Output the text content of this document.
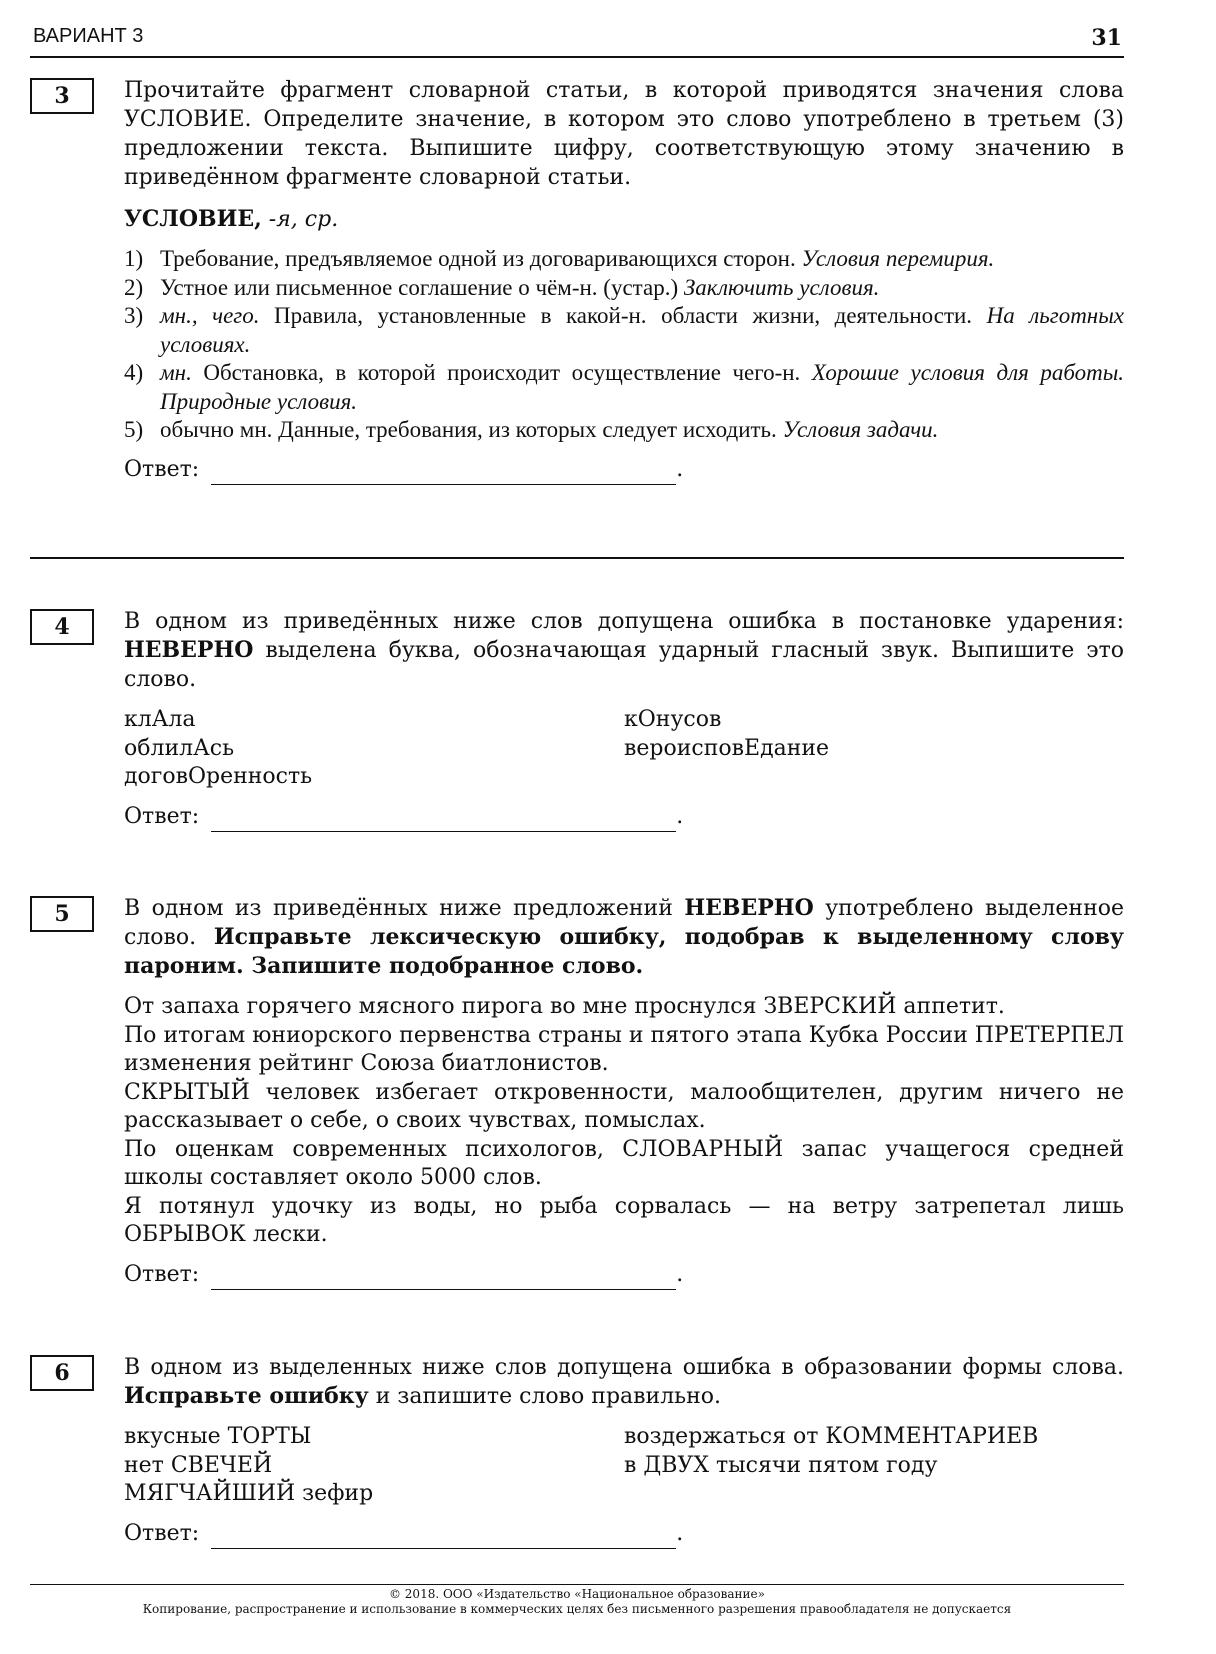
ВАРИАНТ 3	31
3	Прочитайте фрагмент словарной статьи, в которой приводятся значения слова УСЛОВИЕ. Определите значение, в котором это слово употреблено в третьем (3) предложении текста. Выпишите цифру, соответствующую этому значению в приведённом фрагменте словарной статьи.

УСЛОВИЕ, -я, ср.
1) Требование, предъявляемое одной из договаривающихся сторон. Условия перемирия.
2) Устное или письменное соглашение о чём-н. (устар.) Заключить условия.
3) мн., чего. Правила, установленные в какой-н. области жизни, деятельности. На льготных условиях.
4) мн. Обстановка, в которой происходит осуществление чего-н. Хорошие условия для работы. Природные условия.
5) обычно мн. Данные, требования, из которых следует исходить. Условия задачи.
Ответ:	.
4	В одном из приведённых ниже слов допущена ошибка в постановке ударения: НЕВЕРНО выделена буква, обозначающая ударный гласный звук. Выпишите это слово.

клАла
облилАсь
договОренность
кОнусов
вероисповЕдание
Ответ:	.
5	В одном из приведённых ниже предложений НЕВЕРНО употреблено выделенное слово. Исправьте лексическую ошибку, подобрав к выделенному слову пароним. Запишите подобранное слово.

От запаха горячего мясного пирога во мне проснулся ЗВЕРСКИЙ аппетит.

По итогам юниорского первенства страны и пятого этапа Кубка России ПРЕТЕРПЕЛ изменения рейтинг Союза биатлонистов.

СКРЫТЫЙ человек избегает откровенности, малообщителен, другим ничего не рассказывает о себе, о своих чувствах, помыслах.

По оценкам современных психологов, СЛОВАРНЫЙ запас учащегося средней школы составляет около 5000 слов.

Я потянул удочку из воды, но рыба сорвалась — на ветру затрепетал лишь ОБРЫВОК лески.

Ответ:	.
6	В одном из выделенных ниже слов допущена ошибка в образовании формы слова. Исправьте ошибку и запишите слово правильно.

вкусные ТОРТЫ
нет СВЕЧЕЙ
МЯГЧАЙШИЙ зефир
воздержаться от КОММЕНТАРИЕВ
в ДВУХ тысячи пятом году
Ответ:	.
© 2018. ООО «Издательство «Национальное образование»
Копирование, распространение и использование в коммерческих целях без письменного разрешения правообладателя не допускается
